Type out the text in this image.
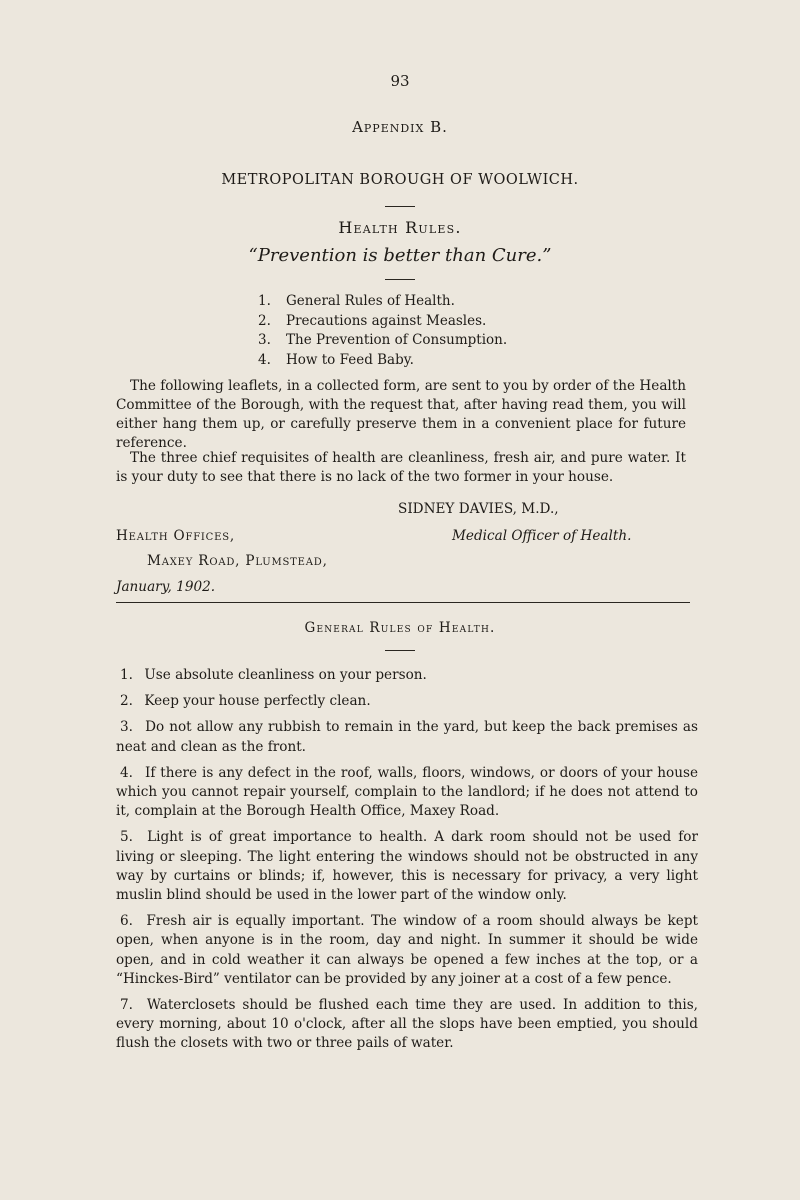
93
Appendix B.
METROPOLITAN BOROUGH OF WOOLWICH.
Health Rules.
“Prevention is better than Cure.”
1.	General Rules of Health.
2.	Precautions against Measles.
3.	The Prevention of Consumption.
4.	How to Feed Baby.

The following leaflets, in a collected form, are sent to you by order of the Health Committee of the Borough, with the request that, after having read them, you will either hang them up, or carefully preserve them in a convenient place for future reference.

The three chief requisites of health are cleanliness, fresh air, and pure water. It is your duty to see that there is no lack of the two former in your house.

SIDNEY DAVIES, M.D.,
Medical Officer of Health.
Health Offices,
Maxey Road, Plumstead,
January, 1902.
General Rules of Health.

1. Use absolute cleanliness on your person.

2. Keep your house perfectly clean.

3. Do not allow any rubbish to remain in the yard, but keep the back premises as neat and clean as the front.

4. If there is any defect in the roof, walls, floors, windows, or doors of your house which you cannot repair yourself, complain to the landlord; if he does not attend to it, complain at the Borough Health Office, Maxey Road.

5. Light is of great importance to health. A dark room should not be used for living or sleeping. The light entering the windows should not be obstructed in any way by curtains or blinds; if, however, this is necessary for privacy, a very light muslin blind should be used in the lower part of the window only.

6. Fresh air is equally important. The window of a room should always be kept open, when anyone is in the room, day and night. In summer it should be wide open, and in cold weather it can always be opened a few inches at the top, or a “Hinckes-Bird” ventilator can be provided by any joiner at a cost of a few pence.

7. Waterclosets should be flushed each time they are used. In addition to this, every morning, about 10 o'clock, after all the slops have been emptied, you should flush the closets with two or three pails of water.
